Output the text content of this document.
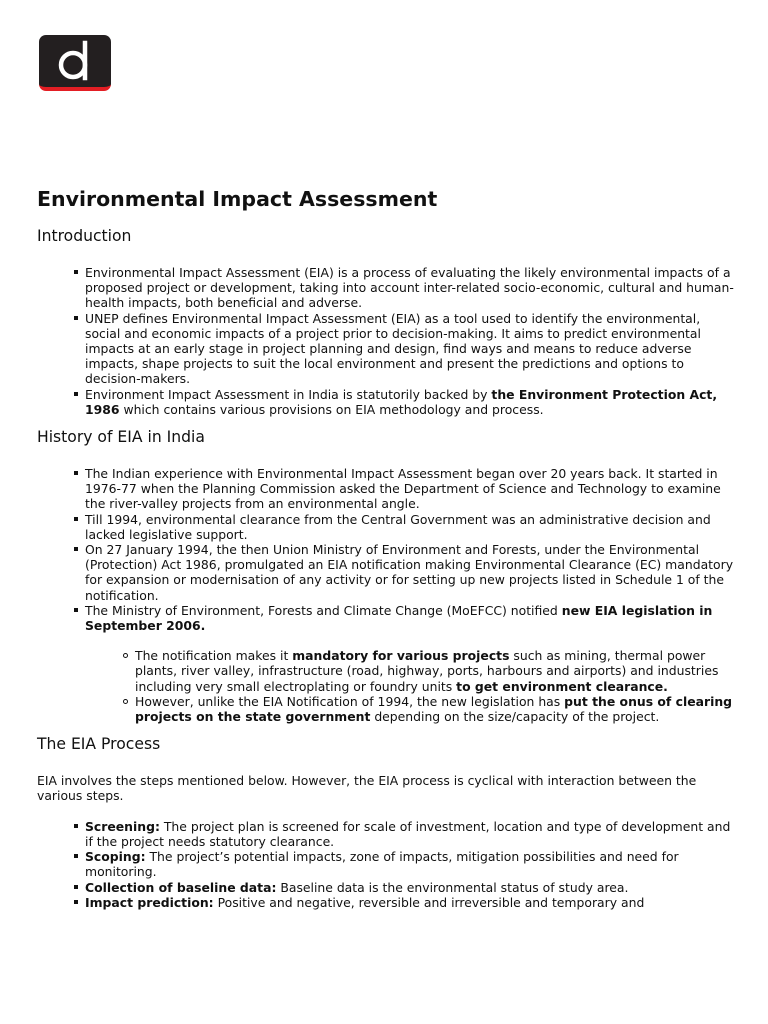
Environmental Impact Assessment
Introduction
Environmental Impact Assessment (EIA) is a process of evaluating the likely environmental impacts of a proposed project or development, taking into account inter-related socio-economic, cultural and human-health impacts, both beneficial and adverse.
UNEP defines Environmental Impact Assessment (EIA) as a tool used to identify the environmental, social and economic impacts of a project prior to decision-making. It aims to predict environmental impacts at an early stage in project planning and design, find ways and means to reduce adverse impacts, shape projects to suit the local environment and present the predictions and options to decision-makers.
Environment Impact Assessment in India is statutorily backed by the Environment Protection Act, 1986 which contains various provisions on EIA methodology and process.
History of EIA in India
The Indian experience with Environmental Impact Assessment began over 20 years back. It started in 1976-77 when the Planning Commission asked the Department of Science and Technology to examine the river-valley projects from an environmental angle.
Till 1994, environmental clearance from the Central Government was an administrative decision and lacked legislative support.
On 27 January 1994, the then Union Ministry of Environment and Forests, under the Environmental (Protection) Act 1986, promulgated an EIA notification making Environmental Clearance (EC) mandatory for expansion or modernisation of any activity or for setting up new projects listed in Schedule 1 of the notification.
The Ministry of Environment, Forests and Climate Change (MoEFCC) notified new EIA legislation in September 2006.
The notification makes it mandatory for various projects such as mining, thermal power plants, river valley, infrastructure (road, highway, ports, harbours and airports) and industries including very small electroplating or foundry units to get environment clearance.
However, unlike the EIA Notification of 1994, the new legislation has put the onus of clearing projects on the state government depending on the size/capacity of the project.
The EIA Process

EIA involves the steps mentioned below. However, the EIA process is cyclical with interaction between the various steps.

Screening: The project plan is screened for scale of investment, location and type of development and if the project needs statutory clearance.
Scoping: The project’s potential impacts, zone of impacts, mitigation possibilities and need for monitoring.
Collection of baseline data: Baseline data is the environmental status of study area.
Impact prediction: Positive and negative, reversible and irreversible and temporary and
